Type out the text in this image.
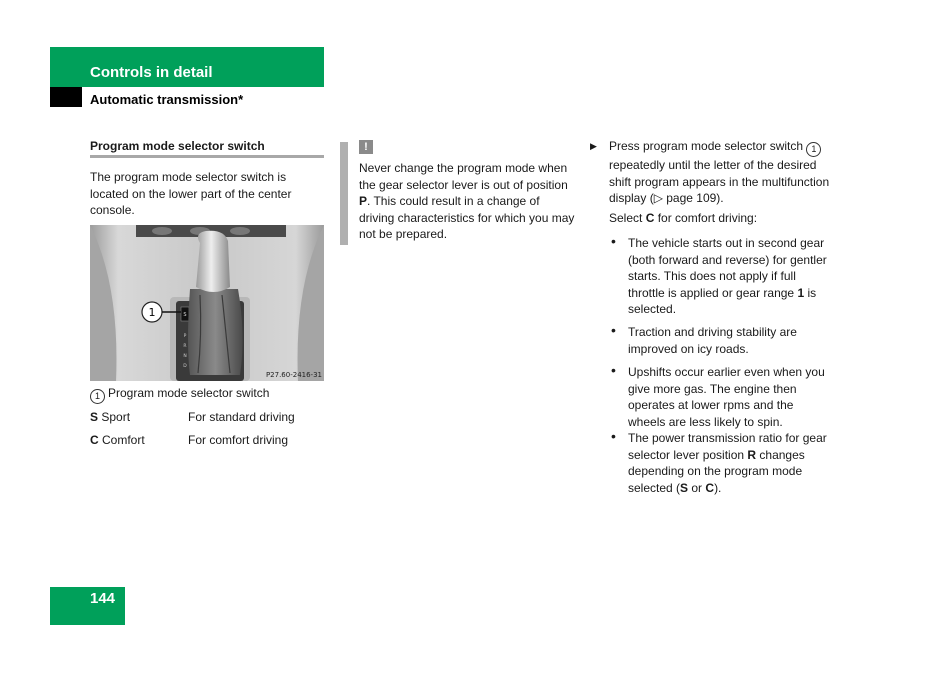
Controls in detail
Automatic transmission*
Program mode selector switch
The program mode selector switch is located on the lower part of the center console.
S
P
R
N
D
1
P27.60-2416-31
1 Program mode selector switch
S Sport	For standard driving
C Comfort	For comfort driving
!
Never change the program mode when the gear selector lever is out of position P. This could result in a change of driving characteristics for which you may not be prepared.
▶ Press program mode selector switch 1 repeatedly until the letter of the desired shift program appears in the multifunction display (▷ page 109).
Select C for comfort driving:
• The vehicle starts out in second gear (both forward and reverse) for gentler starts. This does not apply if full throttle is applied or gear range 1 is selected.
• Traction and driving stability are improved on icy roads.
• Upshifts occur earlier even when you give more gas. The engine then operates at lower rpms and the wheels are less likely to spin.
• The power transmission ratio for gear selector lever position R changes depending on the program mode selected (S or C).
144
